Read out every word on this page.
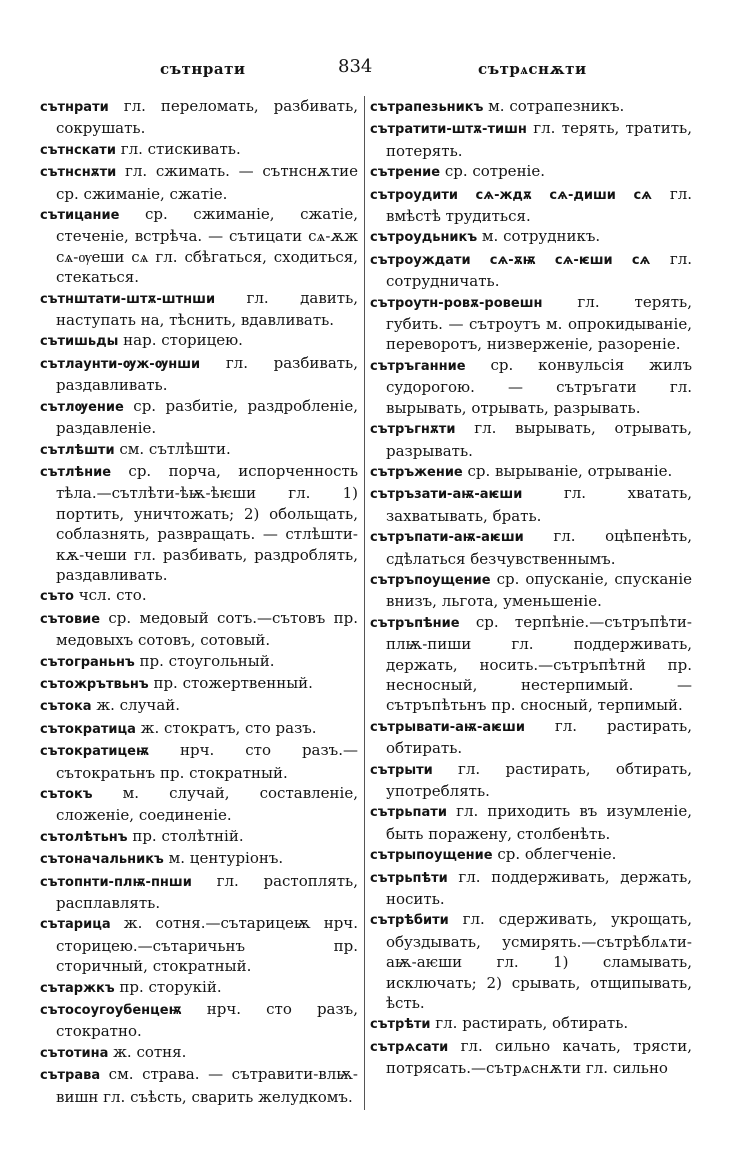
сътнрати	834	сътрѧснѫти
сътнрати гл. переломать, разбивать, сокрушать.
сътнскати гл. стискивать.
сътнснѫти гл. сжимать. — сътнснѫтие ср. сжиманіе, сжатіе.
сътицание ср. сжиманіе, сжатіе, стеченіе, встрѣча. — сътицати сѧ-ѫж сѧ-ѹеши сѧ гл. сбѣгаться, сходиться, стекаться.
сътнштати-штѫ-штнши гл. давить, наступать на, тѣснить, вдавливать.
сътишьды нар. сторицею.
сътлаунти-ѹж-ѹнши гл. разбивать, раздавливать.
сътлѹение ср. разбитіе, раздробленіе, раздавленіе.
сътлѣшти см. сътлѣшти.
сътлѣние ср. порча, испорченность тѣла.—сътлѣти-ѣѭ-ѣѥши гл. 1) портить, уничтожать; 2) обольщать, соблазнять, развращать. — стлѣшти-кѫ-чеши гл. разбивать, раздроблять, раздавливать.
съто чсл. сто.
сътовие ср. медовый сотъ.—сътовъ пр. медовыхъ сотовъ, сотовый.
сътограньнъ пр. стоугольный.
сътожрътвьнъ пр. стожертвенный.
сътока ж. случай.
сътократица ж. стократъ, сто разъ.
сътократицеѭ нрч. сто разъ.—сътократьнъ пр. стократный.
сътокъ м. случай, составленіе, сложеніе, соединеніе.
сътолѣтьнъ пр. столѣтній.
сътоначальникъ м. центуріонъ.
сътопнти-плѭ-пнши гл. растоплять, расплавлять.
сътарица ж. сотня.—сътарицеѭ нрч. сторицею.—сътаричьнъ пр. сторичный, стократный.
сътаржкъ пр. сторукій.
сътосоугоубенцеѭ нрч. сто разъ, стократно.
сътотина ж. сотня.
сътрава см. страва. — сътравити-влѭ-вишн гл. съѣсть, сварить желудкомъ.
сътрапезьникъ м. сотрапезникъ.
сътратити-штѫ-тишн гл. терять, тратить, потерять.
сътрение ср. сотреніе.
сътроудити сѧ-ждѫ сѧ-диши сѧ гл. вмѣстѣ трудиться.
сътроудьникъ м. сотрудникъ.
сътроуждати сѧ-ѫѭ сѧ-ѥши сѧ гл. сотрудничать.
сътроутн-ровѫ-ровешн гл. терять, губить. — сътроутъ м. опрокидываніе, переворотъ, низверженіе, разореніе.
сътръганние ср. конвульсія жилъ судорогою. — сътръгати гл. вырывать, отрывать, разрывать.
сътръгнѫти гл. вырывать, отрывать, разрывать.
сътръжение ср. вырываніе, отрываніе.
сътръзати-аѭ-аѥши гл. хватать, захватывать, брать.
сътръпати-аѭ-аѥши гл. оцѣпенѣть, сдѣлаться безчувственнымъ.
сътръпоущение ср. опусканіе, спусканіе внизъ, льгота, уменьшеніе.
сътръпѣние ср. терпѣніе.—сътръпѣти-плѭ-пиши гл. поддерживать, держать, носить.—сътръпѣтнй пр. несносный, нестерпимый. — сътръпѣтьнъ пр. сносный, терпимый.
сътрывати-аѭ-аѥши гл. растирать, обтирать.
сътрыти гл. растирать, обтирать, употреблять.
сътрьпати гл. приходить въ изумленіе, быть поражену, столбенѣть.
сътрыпоущение ср. облегченіе.
сътрьпѣти гл. поддерживать, держать, носить.
сътрѣбити гл. сдерживать, укрощать, обуздывать, усмирять.—сътрѣблѧти-аѭ-аѥши гл. 1) сламывать, исключать; 2) срывать, отщипывать, ѣсть.
сътрѣти гл. растирать, обтирать.
сътрѧсати гл. сильно качать, трясти, потрясать.—сътрѧснѫти гл. сильно
